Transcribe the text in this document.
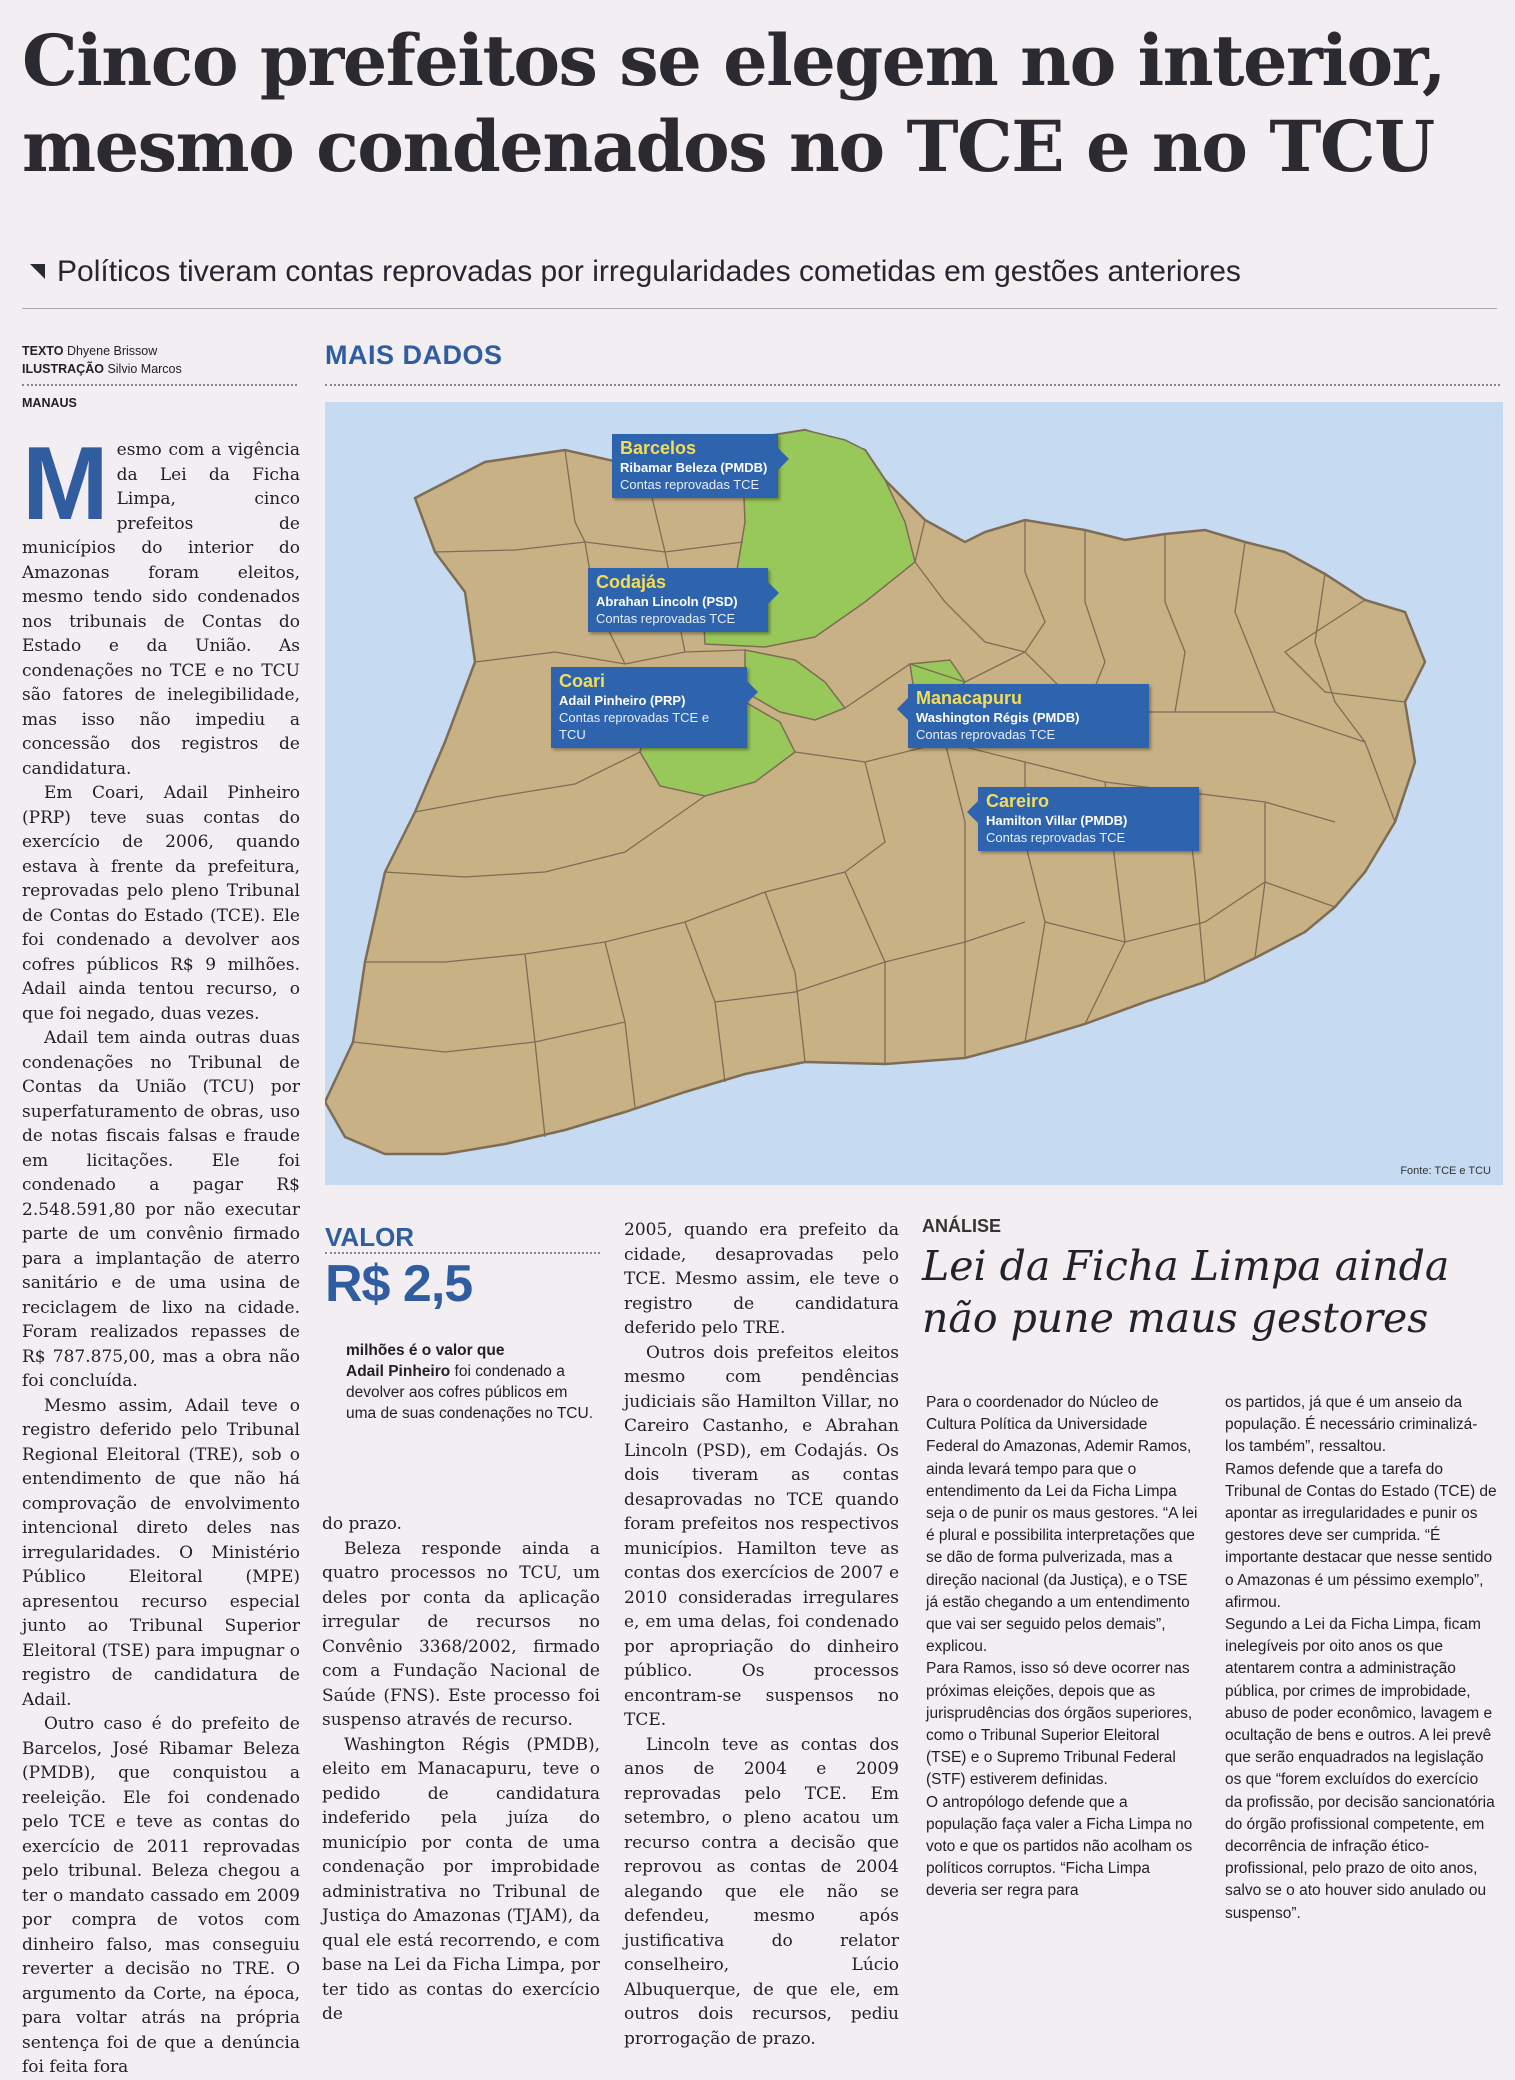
Cinco prefeitos se elegem no interior,
mesmo condenados no TCE e no TCU
Políticos tiveram contas reprovadas por irregularidades cometidas em gestões anteriores
TEXTO Dhyene Brissow
ILUSTRAÇÃO Silvio Marcos
MANAUS

Mesmo com a vigência da Lei da Ficha Limpa, cinco prefeitos de municípios do interior do Amazonas foram eleitos, mesmo tendo sido condenados nos tribunais de Contas do Estado e da União. As condenações no TCE e no TCU são fatores de inelegibilidade, mas isso não impediu a concessão dos registros de candidatura.

Em Coari, Adail Pinheiro (PRP) teve suas contas do exercício de 2006, quando estava à frente da prefeitura, reprovadas pelo pleno Tribunal de Contas do Estado (TCE). Ele foi condenado a devolver aos cofres públicos R$ 9 milhões. Adail ainda tentou recurso, o que foi negado, duas vezes.

Adail tem ainda outras duas condenações no Tribunal de Contas da União (TCU) por superfaturamento de obras, uso de notas fiscais falsas e fraude em licitações. Ele foi condenado a pagar R$ 2.548.591,80 por não executar parte de um convênio firmado para a implantação de aterro sanitário e de uma usina de reciclagem de lixo na cidade. Foram realizados repasses de R$ 787.875,00, mas a obra não foi concluída.

Mesmo assim, Adail teve o registro deferido pelo Tribunal Regional Eleitoral (TRE), sob o entendimento de que não há comprovação de envolvimento intencional direto deles nas irregularidades. O Ministério Público Eleitoral (MPE) apresentou recurso especial junto ao Tribunal Superior Eleitoral (TSE) para impugnar o registro de candidatura de Adail.

Outro caso é do prefeito de Barcelos, José Ribamar Beleza (PMDB), que conquistou a reeleição. Ele foi condenado pelo TCE e teve as contas do exercício de 2011 reprovadas pelo tribunal. Beleza chegou a ter o mandato cassado em 2009 por compra de votos com dinheiro falso, mas conseguiu reverter a decisão no TRE. O argumento da Corte, na época, para voltar atrás na própria sentença foi de que a denúncia foi feita fora

MAIS DADOS
Barcelos
Ribamar Beleza (PMDB)
Contas reprovadas TCE
Codajás
Abrahan Lincoln (PSD)
Contas reprovadas TCE
Coari
Adail Pinheiro (PRP)
Contas reprovadas TCE e TCU
Manacapuru
Washington Régis (PMDB)
Contas reprovadas TCE
Careiro
Hamilton Villar (PMDB)
Contas reprovadas TCE
Fonte: TCE e TCU
VALOR
R$ 2,5
milhões é o valor que
Adail Pinheiro foi condenado a devolver aos cofres públicos em uma de suas condenações no TCU.

do prazo.

Beleza responde ainda a quatro processos no TCU, um deles por conta da aplicação irregular de recursos no Convênio 3368/2002, firmado com a Fundação Nacional de Saúde (FNS). Este processo foi suspenso através de recurso.

Washington Régis (PMDB), eleito em Manacapuru, teve o pedido de candidatura indeferido pela juíza do município por conta de uma condenação por improbidade administrativa no Tribunal de Justiça do Amazonas (TJAM), da qual ele está recorrendo, e com base na Lei da Ficha Limpa, por ter tido as contas do exercício de

2005, quando era prefeito da cidade, desaprovadas pelo TCE. Mesmo assim, ele teve o registro de candidatura deferido pelo TRE.

Outros dois prefeitos eleitos mesmo com pendências judiciais são Hamilton Villar, no Careiro Castanho, e Abrahan Lincoln (PSD), em Codajás. Os dois tiveram as contas desaprovadas no TCE quando foram prefeitos nos respectivos municípios. Hamilton teve as contas dos exercícios de 2007 e 2010 consideradas irregulares e, em uma delas, foi condenado por apropriação do dinheiro público. Os processos encontram-se suspensos no TCE.

Lincoln teve as contas dos anos de 2004 e 2009 reprovadas pelo TCE. Em setembro, o pleno acatou um recurso contra a decisão que reprovou as contas de 2004 alegando que ele não se defendeu, mesmo após justificativa do relator conselheiro, Lúcio Albuquerque, de que ele, em outros dois recursos, pediu prorrogação de prazo.

ANÁLISE
Lei da Ficha Limpa ainda não pune maus gestores

Para o coordenador do Núcleo de Cultura Política da Universidade Federal do Amazonas, Ademir Ramos, ainda levará tempo para que o entendimento da Lei da Ficha Limpa seja o de punir os maus gestores. “A lei é plural e possibilita interpretações que se dão de forma pulverizada, mas a direção nacional (da Justiça), e o TSE já estão chegando a um entendimento que vai ser seguido pelos demais”, explicou.

Para Ramos, isso só deve ocorrer nas próximas eleições, depois que as jurisprudências dos órgãos superiores, como o Tribunal Superior Eleitoral (TSE) e o Supremo Tribunal Federal (STF) estiverem definidas.

O antropólogo defende que a população faça valer a Ficha Limpa no voto e que os partidos não acolham os políticos corruptos. “Ficha Limpa deveria ser regra para

os partidos, já que é um anseio da população. É necessário criminalizá-los também”, ressaltou.

Ramos defende que a tarefa do Tribunal de Contas do Estado (TCE) de apontar as irregularidades e punir os gestores deve ser cumprida. “É importante destacar que nesse sentido o Amazonas é um péssimo exemplo”, afirmou.

Segundo a Lei da Ficha Limpa, ficam inelegíveis por oito anos os que atentarem contra a administração pública, por crimes de improbidade, abuso de poder econômico, lavagem e ocultação de bens e outros. A lei prevê que serão enquadrados na legislação os que “forem excluídos do exercício da profissão, por decisão sancionatória do órgão profissional competente, em decorrência de infração ético-profissional, pelo prazo de oito anos, salvo se o ato houver sido anulado ou suspenso”.
